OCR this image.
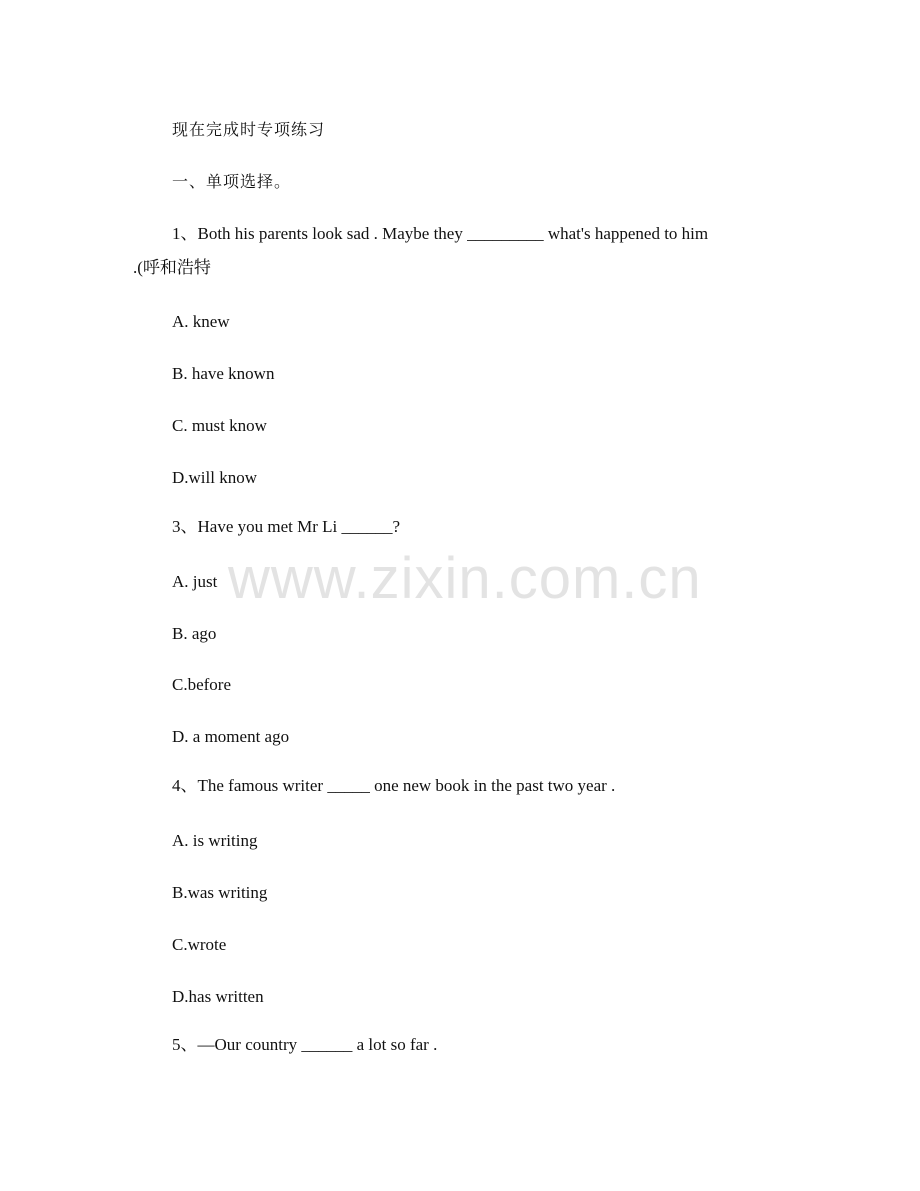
现在完成时专项练习

一、单项选择。

1、Both his parents look sad . Maybe they _________ what's happened to him

.(呼和浩特

A. knew

B. have known

C. must know

D.will know

3、Have you met Mr Li ______?

A. just

B. ago

C.before

D. a moment ago

4、The famous writer _____ one new book in the past two year .

A. is writing

B.was writing

C.wrote

D.has written

5、—Our country ______ a lot so far .

www.zixin.com.cn
